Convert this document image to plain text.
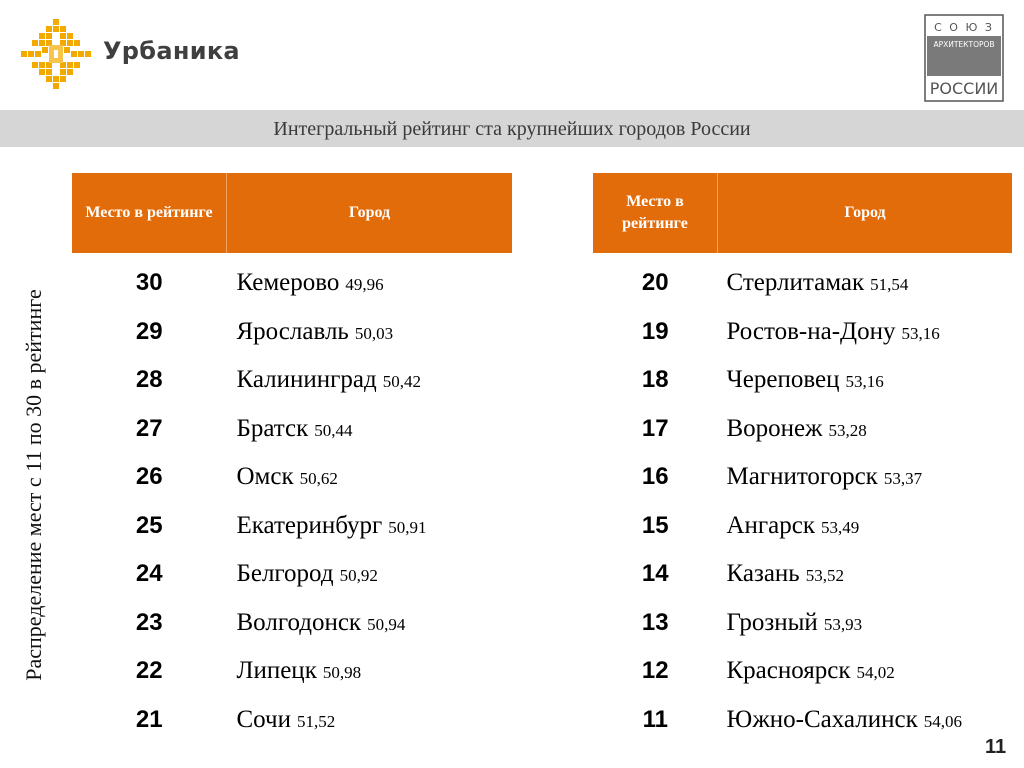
Урбаника
С О Ю З
АРХИТЕКТОРОВ
РОССИИ
Интегральный рейтинг ста крупнейших городов России
Распределение мест с 11 по 30 в рейтинге
Место в рейтинге	Город
30	Кемерово 49,96
29	Ярославль 50,03
28	Калининград 50,42
27	Братск 50,44
26	Омск 50,62
25	Екатеринбург 50,91
24	Белгород 50,92
23	Волгодонск 50,94
22	Липецк 50,98
21	Сочи 51,52
Место в рейтинге	Город
20	Стерлитамак 51,54
19	Ростов-на-Дону 53,16
18	Череповец 53,16
17	Воронеж 53,28
16	Магнитогорск 53,37
15	Ангарск 53,49
14	Казань 53,52
13	Грозный 53,93
12	Красноярск 54,02
11	Южно-Сахалинск 54,06
11
